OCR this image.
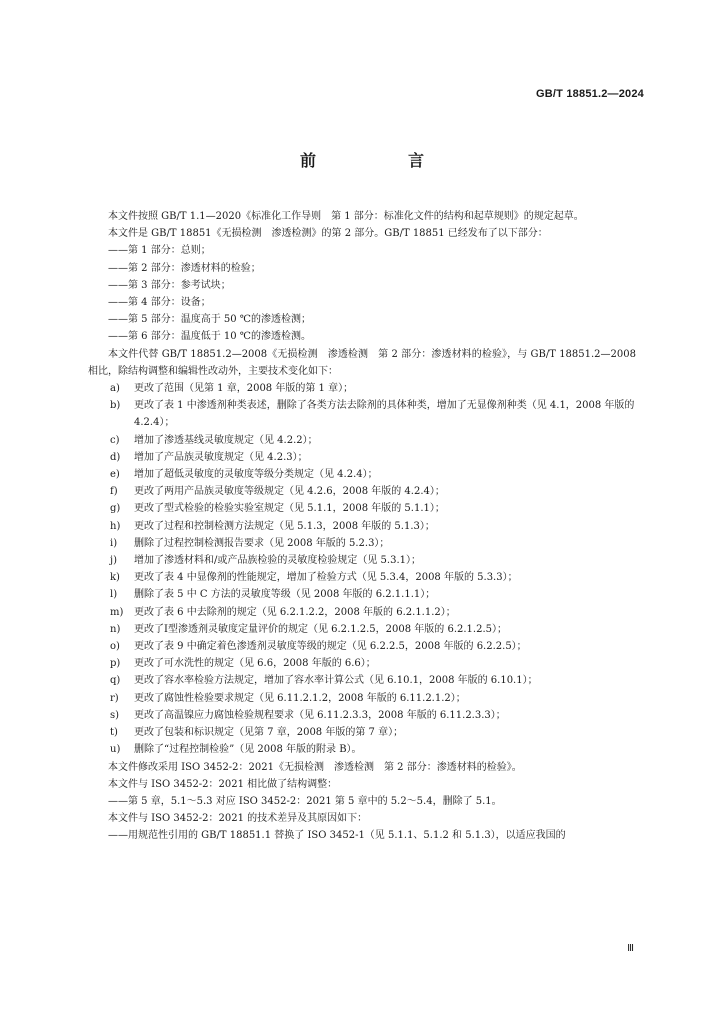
GB/T 18851.2—2024
前　言
本文件按照 GB/T 1.1—2020《标准化工作导则　第 1 部分：标准化文件的结构和起草规则》的规定起草。
本文件是 GB/T 18851《无损检测　渗透检测》的第 2 部分。GB/T 18851 已经发布了以下部分：
——第 1 部分：总则；
——第 2 部分：渗透材料的检验；
——第 3 部分：参考试块；
——第 4 部分：设备；
——第 5 部分：温度高于 50 ℃的渗透检测；
——第 6 部分：温度低于 10 ℃的渗透检测。
本文件代替 GB/T 18851.2—2008《无损检测　渗透检测　第 2 部分：渗透材料的检验》，与 GB/T 18851.2—2008 相比，除结构调整和编辑性改动外，主要技术变化如下：
a) 更改了范围（见第 1 章，2008 年版的第 1 章）；
b) 更改了表 1 中渗透剂种类表述，删除了各类方法去除剂的具体种类，增加了无显像剂种类（见 4.1，2008 年版的 4.2.4）；
c) 增加了渗透基线灵敏度规定（见 4.2.2）；
d) 增加了产品族灵敏度规定（见 4.2.3）；
e) 增加了超低灵敏度的灵敏度等级分类规定（见 4.2.4）；
f) 更改了两用产品族灵敏度等级规定（见 4.2.6，2008 年版的 4.2.4）；
g) 更改了型式检验的检验实验室规定（见 5.1.1，2008 年版的 5.1.1）；
h) 更改了过程和控制检测方法规定（见 5.1.3，2008 年版的 5.1.3）；
i) 删除了过程控制检测报告要求（见 2008 年版的 5.2.3）；
j) 增加了渗透材料和/或产品族检验的灵敏度检验规定（见 5.3.1）；
k) 更改了表 4 中显像剂的性能规定，增加了检验方式（见 5.3.4，2008 年版的 5.3.3）；
l) 删除了表 5 中 C 方法的灵敏度等级（见 2008 年版的 6.2.1.1.1）；
m) 更改了表 6 中去除剂的规定（见 6.2.1.2.2，2008 年版的 6.2.1.1.2）；
n) 更改了Ⅰ型渗透剂灵敏度定量评价的规定（见 6.2.1.2.5，2008 年版的 6.2.1.2.5）；
o) 更改了表 9 中确定着色渗透剂灵敏度等级的规定（见 6.2.2.5，2008 年版的 6.2.2.5）；
p) 更改了可水洗性的规定（见 6.6，2008 年版的 6.6）；
q) 更改了容水率检验方法规定，增加了容水率计算公式（见 6.10.1，2008 年版的 6.10.1）；
r) 更改了腐蚀性检验要求规定（见 6.11.2.1.2，2008 年版的 6.11.2.1.2）；
s) 更改了高温镍应力腐蚀检验规程要求（见 6.11.2.3.3，2008 年版的 6.11.2.3.3）；
t) 更改了包装和标识规定（见第 7 章，2008 年版的第 7 章）；
u) 删除了“过程控制检验”（见 2008 年版的附录 B）。
本文件修改采用 ISO 3452-2：2021《无损检测　渗透检测　第 2 部分：渗透材料的检验》。
本文件与 ISO 3452-2：2021 相比做了结构调整：
——第 5 章，5.1～5.3 对应 ISO 3452-2：2021 第 5 章中的 5.2～5.4，删除了 5.1。
本文件与 ISO 3452-2：2021 的技术差异及其原因如下：
——用规范性引用的 GB/T 18851.1 替换了 ISO 3452-1（见 5.1.1、5.1.2 和 5.1.3），以适应我国的
Ⅲ
